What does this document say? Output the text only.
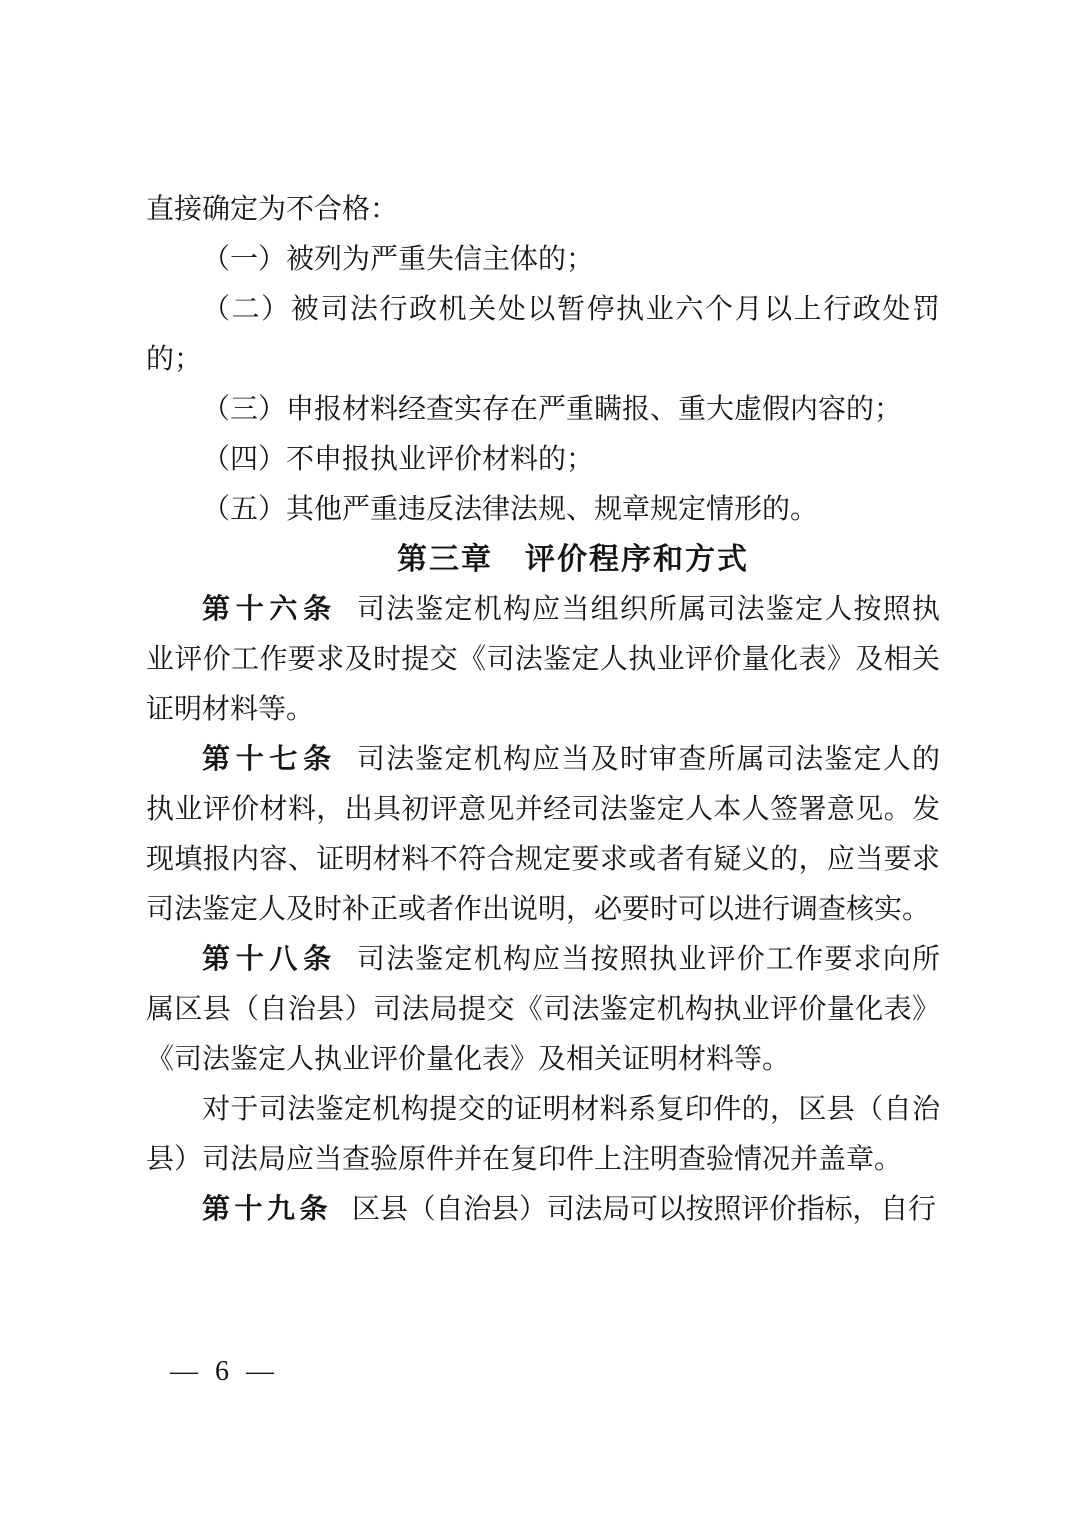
直接确定为不合格：

（一）被列为严重失信主体的；

（二）被司法行政机关处以暂停执业六个月以上行政处罚的；

（三）申报材料经查实存在严重瞒报、重大虚假内容的；

（四）不申报执业评价材料的；

（五）其他严重违反法律法规、规章规定情形的。

第三章　评价程序和方式

第十六条 司法鉴定机构应当组织所属司法鉴定人按照执业评价工作要求及时提交《司法鉴定人执业评价量化表》及相关证明材料等。

第十七条 司法鉴定机构应当及时审查所属司法鉴定人的执业评价材料，出具初评意见并经司法鉴定人本人签署意见。发现填报内容、证明材料不符合规定要求或者有疑义的，应当要求司法鉴定人及时补正或者作出说明，必要时可以进行调查核实。

第十八条 司法鉴定机构应当按照执业评价工作要求向所属区县（自治县）司法局提交《司法鉴定机构执业评价量化表》《司法鉴定人执业评价量化表》及相关证明材料等。

对于司法鉴定机构提交的证明材料系复印件的，区县（自治县）司法局应当查验原件并在复印件上注明查验情况并盖章。

第十九条 区县（自治县）司法局可以按照评价指标，自行

— 6 —
